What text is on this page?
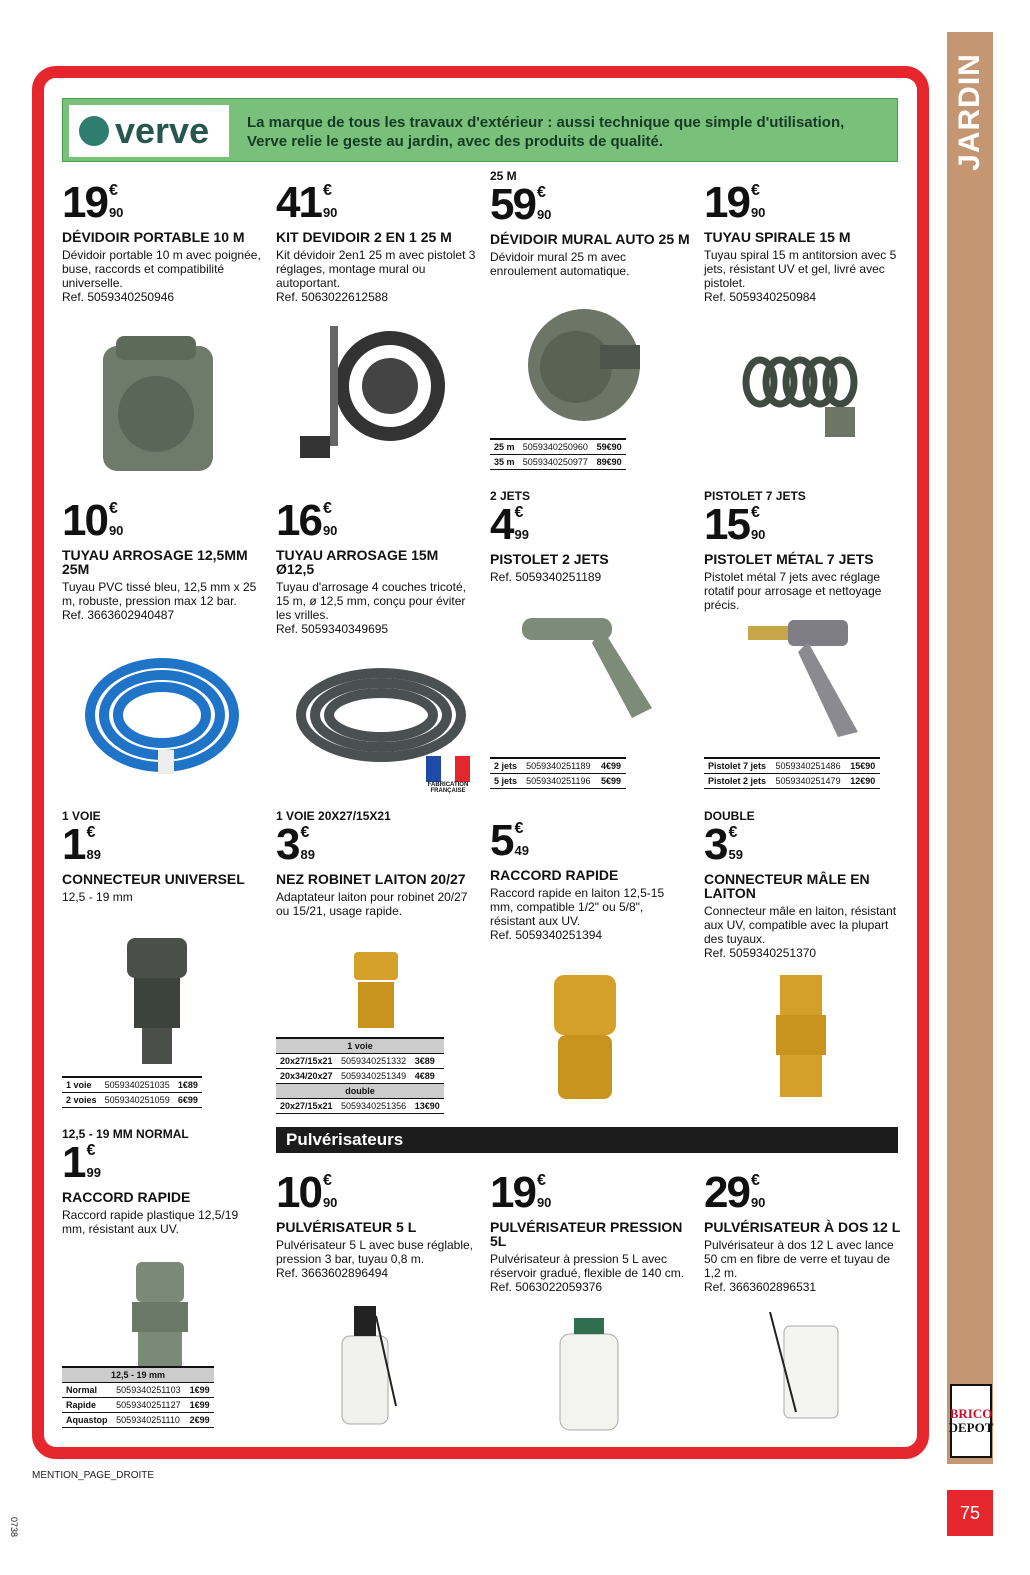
JARDIN
BRICO
DEPOT
75
MENTION_PAGE_DROITE
0738
verve	La marque de tous les travaux d'extérieur : aussi technique que simple d'utilisation, Verve relie le geste au jardin, avec des produits de qualité.
19 €
90
DÉVIDOIR PORTABLE 10 M
Dévidoir portable 10 m avec poignée, buse, raccords et compatibilité universelle.
Ref. 5059340250946
41 €
90
KIT DEVIDOIR 2 EN 1 25 M
Kit dévidoir 2en1 25 m avec pistolet 3 réglages, montage mural ou autoportant.
Ref. 5063022612588
25 M
59 €
90
DÉVIDOIR MURAL AUTO 25 M
Dévidoir mural 25 m avec enroulement automatique.
19 €
90
TUYAU SPIRALE 15 M
Tuyau spiral 15 m antitorsion avec 5 jets, résistant UV et gel, livré avec pistolet.
Ref. 5059340250984
10 €
90
TUYAU ARROSAGE 12,5MM 25M
Tuyau PVC tissé bleu, 12,5 mm x 25 m, robuste, pression max 12 bar.
Ref. 3663602940487
16 €
90
TUYAU ARROSAGE 15M Ø12,5
Tuyau d'arrosage 4 couches tricoté, 15 m, ø 12,5 mm, conçu pour éviter les vrilles.
Ref. 5059340349695
2 JETS
4 €
99
PISTOLET 2 JETS
Ref. 5059340251189
PISTOLET 7 JETS
15 €
90
PISTOLET MÉTAL 7 JETS
Pistolet métal 7 jets avec réglage rotatif pour arrosage et nettoyage précis.
1 VOIE
1 €
89
CONNECTEUR UNIVERSEL
12,5 - 19 mm
1 VOIE 20X27/15X21
3 €
89
NEZ ROBINET LAITON 20/27
Adaptateur laiton pour robinet 20/27 ou 15/21, usage rapide.
5 €
49
RACCORD RAPIDE
Raccord rapide en laiton 12,5-15 mm, compatible 1/2" ou 5/8", résistant aux UV.
Ref. 5059340251394
DOUBLE
3 €
59
CONNECTEUR MÂLE EN LAITON
Connecteur mâle en laiton, résistant aux UV, compatible avec la plupart des tuyaux.
Ref. 5059340251370
12,5 - 19 MM NORMAL
1 €
99
RACCORD RAPIDE
Raccord rapide plastique 12,5/19 mm, résistant aux UV.
10 €
90
PULVÉRISATEUR 5 L
Pulvérisateur 5 L avec buse réglable, pression 3 bar, tuyau 0,8 m.
Ref. 3663602896494
19 €
90
PULVÉRISATEUR PRESSION 5L
Pulvérisateur à pression 5 L avec réservoir gradué, flexible de 140 cm.
Ref. 5063022059376
29 €
90
PULVÉRISATEUR À DOS 12 L
Pulvérisateur à dos 12 L avec lance 50 cm en fibre de verre et tuyau de 1,2 m.
Ref. 3663602896531
Pulvérisateurs
FABRICATION FRANÇAISE
25 m	5059340250960	59€90
35 m	5059340250977	89€90
2 jets	5059340251189	4€99
5 jets	5059340251196	5€99
Pistolet 7 jets	5059340251486	15€90
Pistolet 2 jets	5059340251479	12€90
1 voie	5059340251035	1€89
2 voies	5059340251059	6€99
1 voie		
20x27/15x21	5059340251332	3€89
20x34/20x27	5059340251349	4€89
double		
20x27/15x21	5059340251356	13€90
12,5 - 19 mm		
Normal	5059340251103	1€99
Rapide	5059340251127	1€99
Aquastop	5059340251110	2€99
